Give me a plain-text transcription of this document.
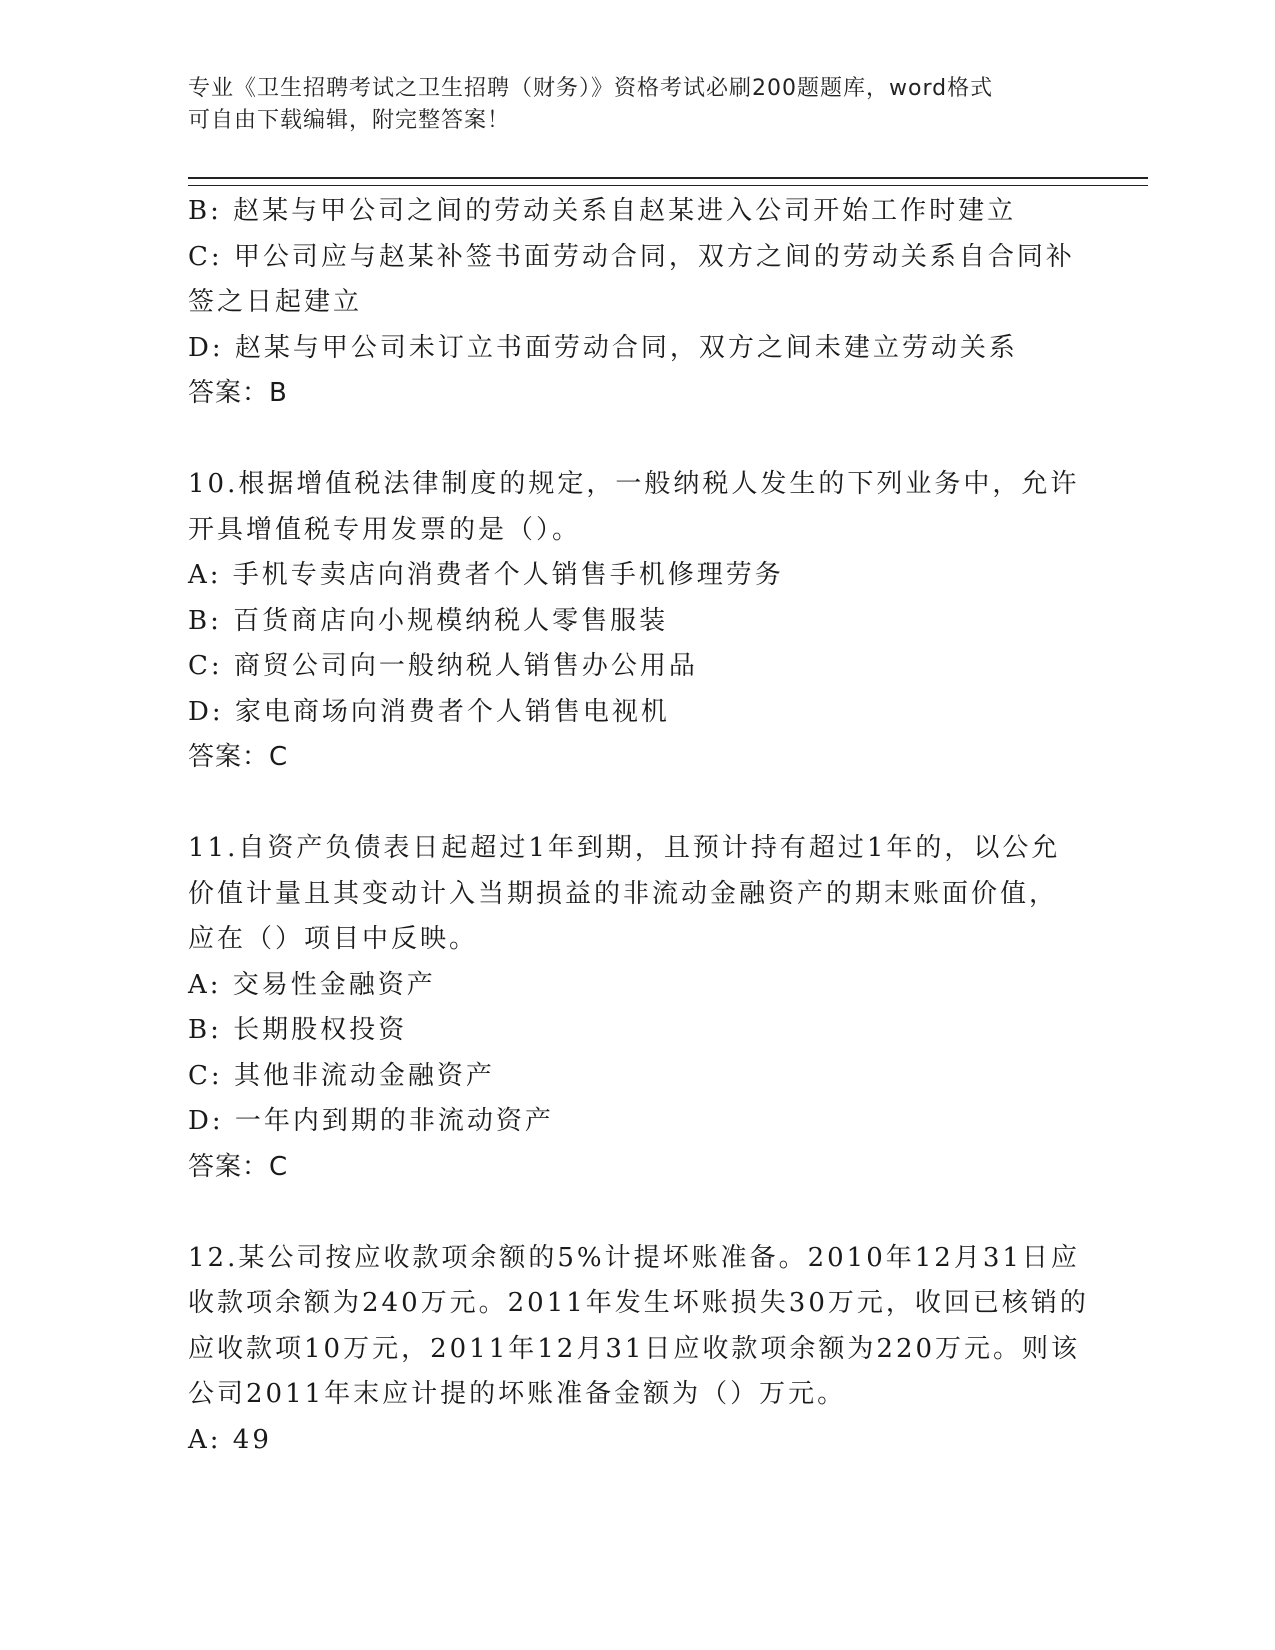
专业《卫生招聘考试之卫生招聘（财务）》资格考试必刷200题题库，word格式
可自由下载编辑，附完整答案！
B: 赵某与甲公司之间的劳动关系自赵某进入公司开始工作时建立
C: 甲公司应与赵某补签书面劳动合同，双方之间的劳动关系自合同补
签之日起建立
D: 赵某与甲公司未订立书面劳动合同，双方之间未建立劳动关系
答案：B
10.根据增值税法律制度的规定，一般纳税人发生的下列业务中，允许
开具增值税专用发票的是（）。
A: 手机专卖店向消费者个人销售手机修理劳务
B: 百货商店向小规模纳税人零售服装
C: 商贸公司向一般纳税人销售办公用品
D: 家电商场向消费者个人销售电视机
答案：C
11.自资产负债表日起超过1年到期，且预计持有超过1年的，以公允
价值计量且其变动计入当期损益的非流动金融资产的期末账面价值，
应在（）项目中反映。
A: 交易性金融资产
B: 长期股权投资
C: 其他非流动金融资产
D: 一年内到期的非流动资产
答案：C
12.某公司按应收款项余额的5%计提坏账准备。2010年12月31日应
收款项余额为240万元。2011年发生坏账损失30万元，收回已核销的
应收款项10万元，2011年12月31日应收款项余额为220万元。则该
公司2011年末应计提的坏账准备金额为（）万元。
A: 49
